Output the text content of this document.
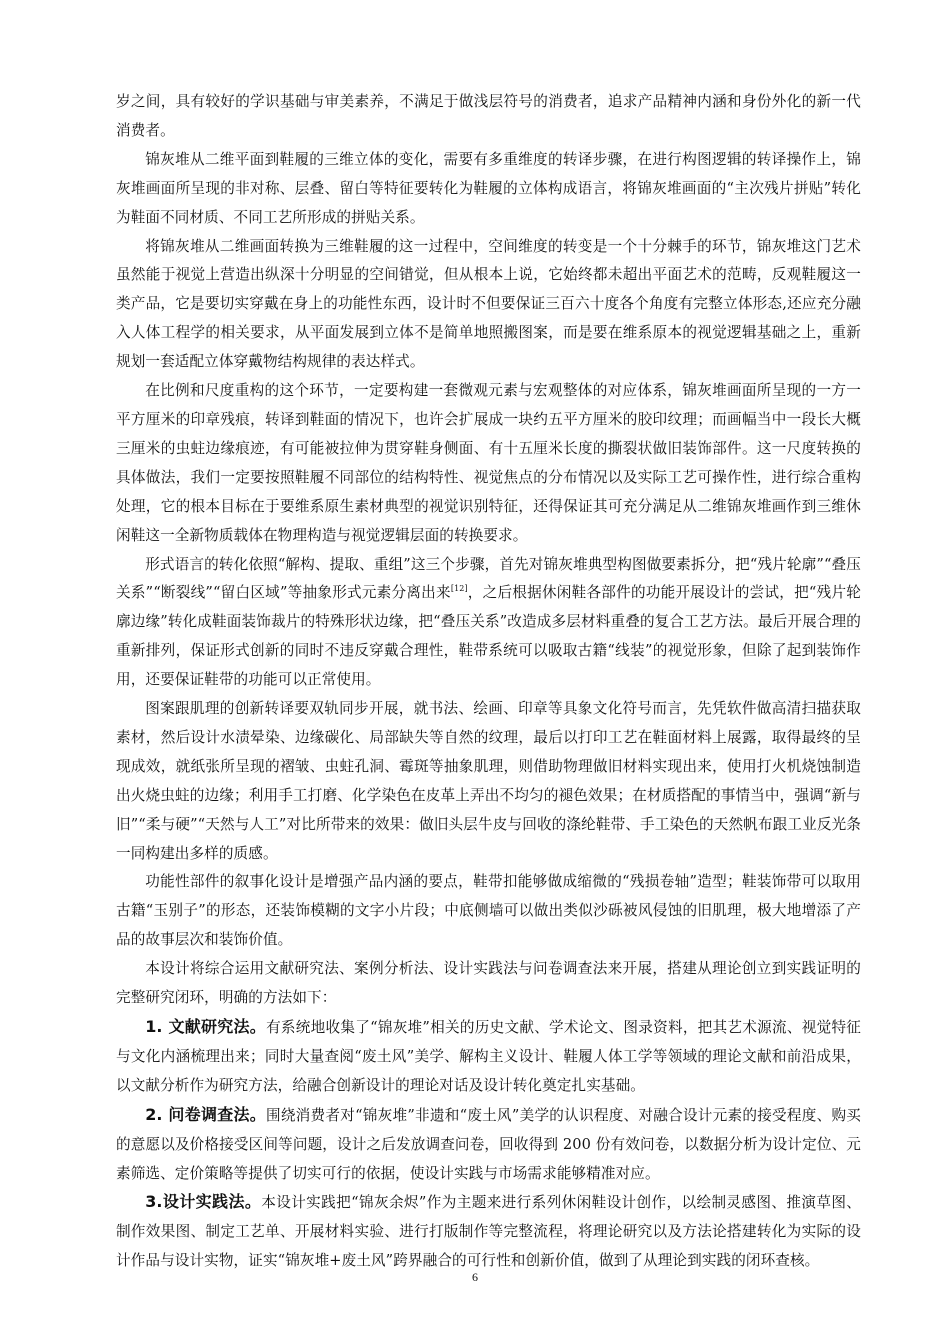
岁之间，具有较好的学识基础与审美素养，不满足于做浅层符号的消费者，追求产品精神内涵和身份外化的新一代消费者。

锦灰堆从二维平面到鞋履的三维立体的变化，需要有多重维度的转译步骤，在进行构图逻辑的转译操作上，锦灰堆画面所呈现的非对称、层叠、留白等特征要转化为鞋履的立体构成语言，将锦灰堆画面的“主次残片拼贴”转化为鞋面不同材质、不同工艺所形成的拼贴关系。

将锦灰堆从二维画面转换为三维鞋履的这一过程中，空间维度的转变是一个十分棘手的环节，锦灰堆这门艺术虽然能于视觉上营造出纵深十分明显的空间错觉，但从根本上说，它始终都未超出平面艺术的范畴，反观鞋履这一类产品，它是要切实穿戴在身上的功能性东西，设计时不但要保证三百六十度各个角度有完整立体形态,还应充分融入人体工程学的相关要求，从平面发展到立体不是简单地照搬图案，而是要在维系原本的视觉逻辑基础之上，重新规划一套适配立体穿戴物结构规律的表达样式。

在比例和尺度重构的这个环节，一定要构建一套微观元素与宏观整体的对应体系，锦灰堆画面所呈现的一方一平方厘米的印章残痕，转译到鞋面的情况下，也许会扩展成一块约五平方厘米的胶印纹理；而画幅当中一段长大概三厘米的虫蛀边缘痕迹，有可能被拉伸为贯穿鞋身侧面、有十五厘米长度的撕裂状做旧装饰部件。这一尺度转换的具体做法，我们一定要按照鞋履不同部位的结构特性、视觉焦点的分布情况以及实际工艺可操作性，进行综合重构处理，它的根本目标在于要维系原生素材典型的视觉识别特征，还得保证其可充分满足从二维锦灰堆画作到三维休闲鞋这一全新物质载体在物理构造与视觉逻辑层面的转换要求。

形式语言的转化依照“解构、提取、重组”这三个步骤，首先对锦灰堆典型构图做要素拆分，把“残片轮廓”“叠压关系”“断裂线”“留白区域”等抽象形式元素分离出来[12]，之后根据休闲鞋各部件的功能开展设计的尝试，把“残片轮廓边缘”转化成鞋面装饰裁片的特殊形状边缘，把“叠压关系”改造成多层材料重叠的复合工艺方法。最后开展合理的重新排列，保证形式创新的同时不违反穿戴合理性，鞋带系统可以吸取古籍“线装”的视觉形象，但除了起到装饰作用，还要保证鞋带的功能可以正常使用。

图案跟肌理的创新转译要双轨同步开展，就书法、绘画、印章等具象文化符号而言，先凭软件做高清扫描获取素材，然后设计水渍晕染、边缘碳化、局部缺失等自然的纹理，最后以打印工艺在鞋面材料上展露，取得最终的呈现成效，就纸张所呈现的褶皱、虫蛀孔洞、霉斑等抽象肌理，则借助物理做旧材料实现出来，使用打火机烧蚀制造出火烧虫蛀的边缘；利用手工打磨、化学染色在皮革上弄出不均匀的褪色效果；在材质搭配的事情当中，强调“新与旧”“柔与硬”“天然与人工”对比所带来的效果：做旧头层牛皮与回收的涤纶鞋带、手工染色的天然帆布跟工业反光条一同构建出多样的质感。

功能性部件的叙事化设计是增强产品内涵的要点，鞋带扣能够做成缩微的“残损卷轴”造型；鞋装饰带可以取用古籍“玉别子”的形态，还装饰模糊的文字小片段；中底侧墙可以做出类似沙砾被风侵蚀的旧肌理，极大地增添了产品的故事层次和装饰价值。

本设计将综合运用文献研究法、案例分析法、设计实践法与问卷调查法来开展，搭建从理论创立到实践证明的完整研究闭环，明确的方法如下：

1. 文献研究法。有系统地收集了“锦灰堆”相关的历史文献、学术论文、图录资料，把其艺术源流、视觉特征与文化内涵梳理出来；同时大量查阅“废土风”美学、解构主义设计、鞋履人体工学等领域的理论文献和前沿成果，以文献分析作为研究方法，给融合创新设计的理论对话及设计转化奠定扎实基础。

2. 问卷调查法。围绕消费者对“锦灰堆”非遗和“废土风”美学的认识程度、对融合设计元素的接受程度、购买的意愿以及价格接受区间等问题，设计之后发放调查问卷，回收得到 200 份有效问卷，以数据分析为设计定位、元素筛选、定价策略等提供了切实可行的依据，使设计实践与市场需求能够精准对应。

3.设计实践法。本设计实践把“锦灰余烬”作为主题来进行系列休闲鞋设计创作，以绘制灵感图、推演草图、制作效果图、制定工艺单、开展材料实验、进行打版制作等完整流程，将理论研究以及方法论搭建转化为实际的设计作品与设计实物，证实“锦灰堆+废土风”跨界融合的可行性和创新价值，做到了从理论到实践的闭环查核。

6
